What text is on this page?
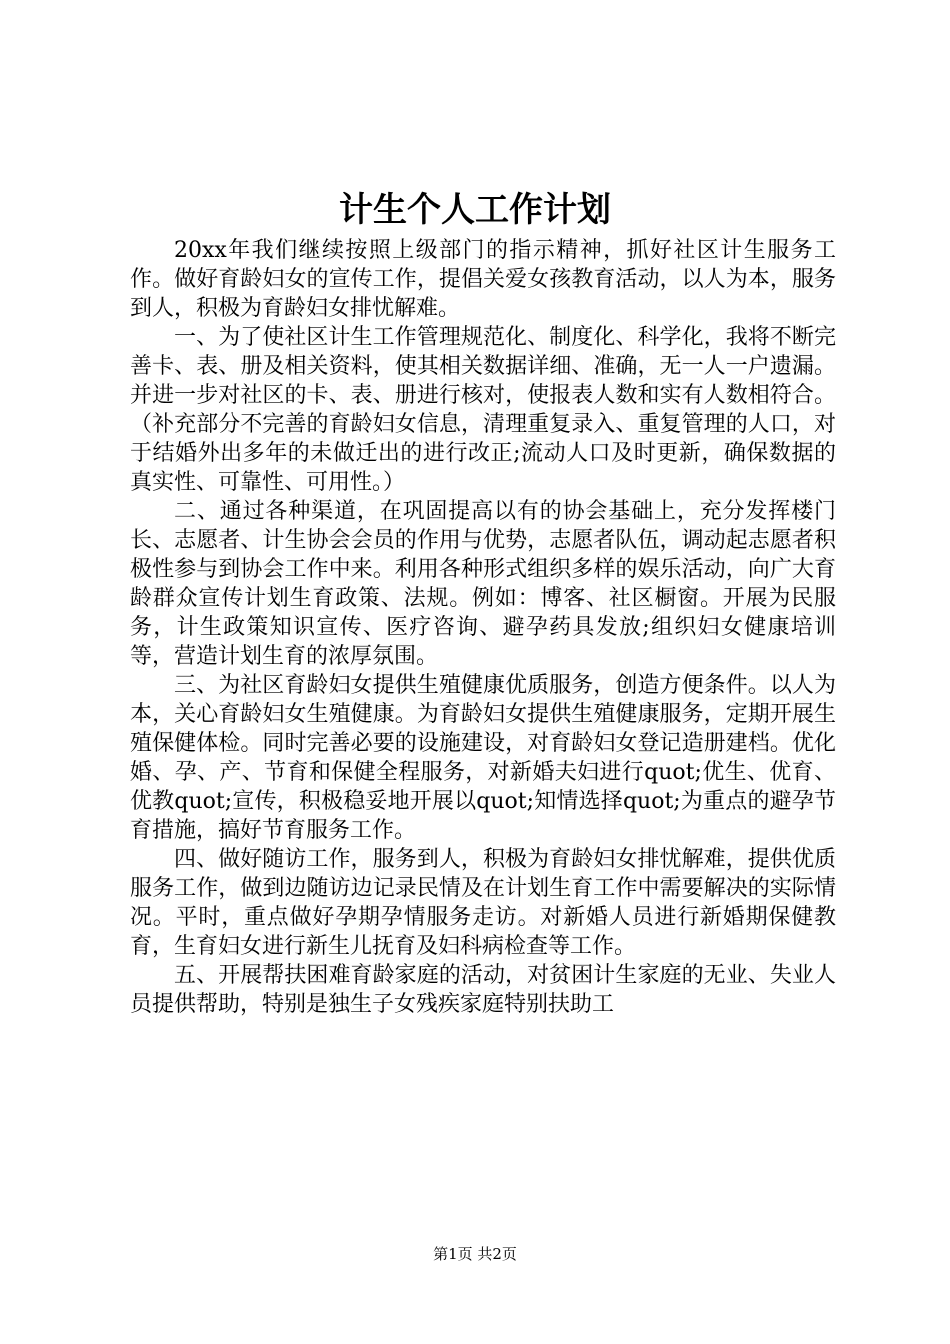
计生个人工作计划

20xx年我们继续按照上级部门的指示精神，抓好社区计生服务工作。做好育龄妇女的宣传工作，提倡关爱女孩教育活动，以人为本，服务到人，积极为育龄妇女排忧解难。

一、为了使社区计生工作管理规范化、制度化、科学化，我将不断完善卡、表、册及相关资料，使其相关数据详细、准确，无一人一户遗漏。并进一步对社区的卡、表、册进行核对，使报表人数和实有人数相符合。（补充部分不完善的育龄妇女信息，清理重复录入、重复管理的人口，对于结婚外出多年的未做迁出的进行改正;流动人口及时更新，确保数据的真实性、可靠性、可用性。）

二、通过各种渠道，在巩固提高以有的协会基础上，充分发挥楼门长、志愿者、计生协会会员的作用与优势，志愿者队伍，调动起志愿者积极性参与到协会工作中来。利用各种形式组织多样的娱乐活动，向广大育龄群众宣传计划生育政策、法规。例如：博客、社区橱窗。开展为民服务，计生政策知识宣传、医疗咨询、避孕药具发放;组织妇女健康培训等，营造计划生育的浓厚氛围。

三、为社区育龄妇女提供生殖健康优质服务，创造方便条件。以人为本，关心育龄妇女生殖健康。为育龄妇女提供生殖健康服务，定期开展生殖保健体检。同时完善必要的设施建设，对育龄妇女登记造册建档。优化婚、孕、产、节育和保健全程服务，对新婚夫妇进行quot;优生、优育、优教quot;宣传，积极稳妥地开展以quot;知情选择quot;为重点的避孕节育措施，搞好节育服务工作。

四、做好随访工作，服务到人，积极为育龄妇女排忧解难，提供优质服务工作，做到边随访边记录民情及在计划生育工作中需要解决的实际情况。平时，重点做好孕期孕情服务走访。对新婚人员进行新婚期保健教育，生育妇女进行新生儿抚育及妇科病检查等工作。

五、开展帮扶困难育龄家庭的活动，对贫困计生家庭的无业、失业人员提供帮助，特别是独生子女残疾家庭特别扶助工

第1页 共2页
